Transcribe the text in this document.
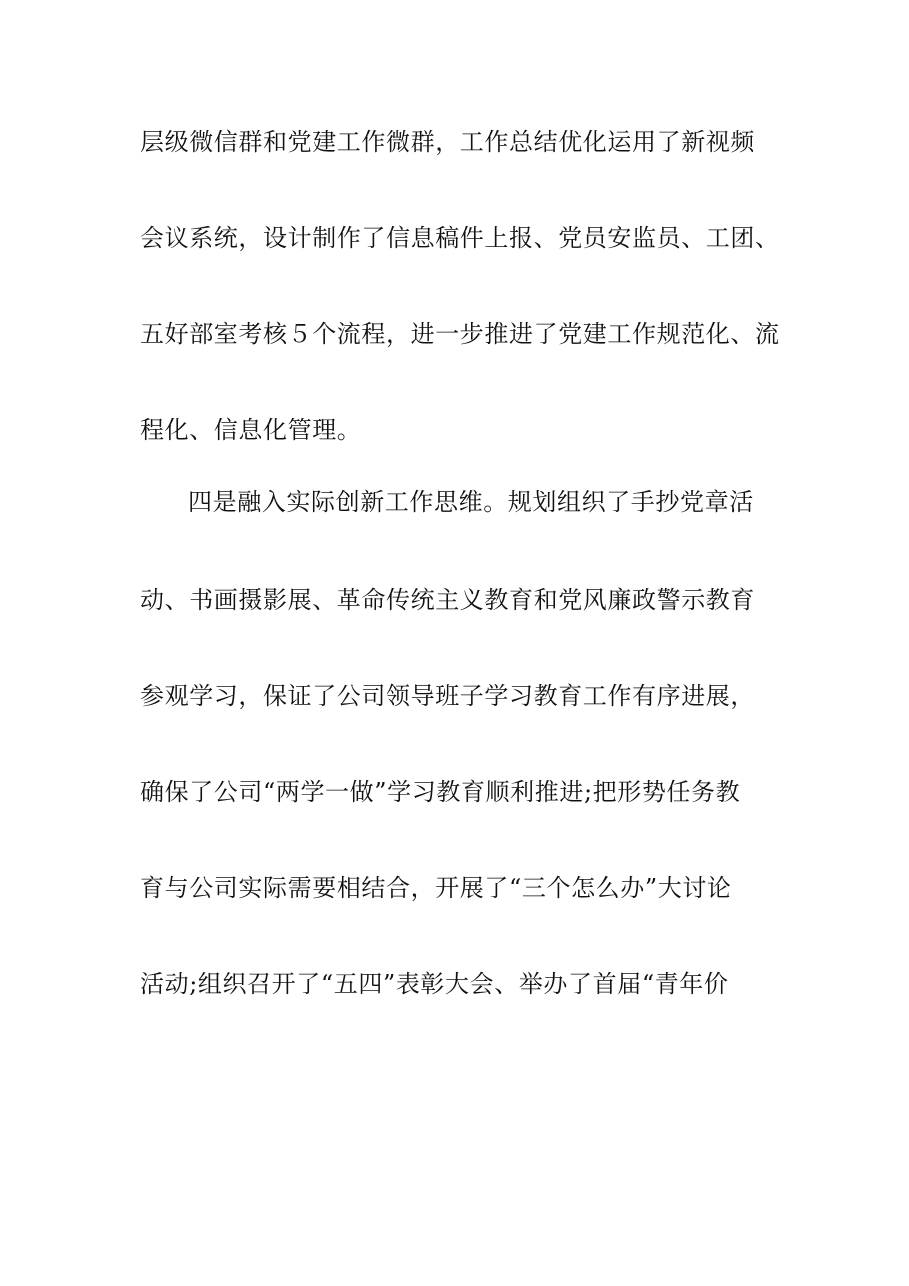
层级微信群和党建工作微群，工作总结优化运用了新视频
会议系统，设计制作了信息稿件上报、党员安监员、工团、
五好部室考核５个流程，进一步推进了党建工作规范化、流
程化、信息化管理。
四是融入实际创新工作思维。规划组织了手抄党章活
动、书画摄影展、革命传统主义教育和党风廉政警示教育
参观学习，保证了公司领导班子学习教育工作有序进展，
确保了公司“两学一做”学习教育顺利推进;把形势任务教
育与公司实际需要相结合，开展了“三个怎么办”大讨论
活动;组织召开了“五四”表彰大会、举办了首届“青年价
